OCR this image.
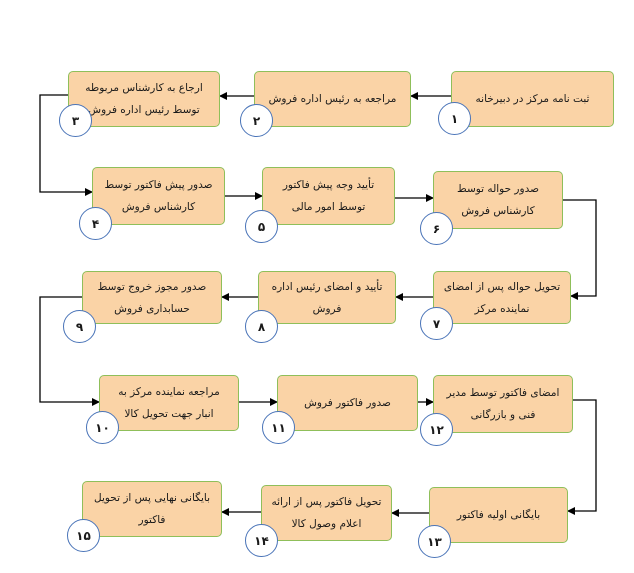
ثبت نامه مرکز در دبیرخانه
مراجعه به رئیس اداره فروش
ارجاع به کارشناس مربوطه توسط رئیس اداره فروش
صدور حواله توسط کارشناس فروش
تأیید وجه پیش فاکتور توسط امور مالی
صدور پیش فاکتور توسط کارشناس فروش
تحویل حواله پس از امضای نماینده مرکز
تأیید و امضای رئیس اداره فروش
صدور مجوز خروج توسط حسابداری فروش
امضای فاکتور توسط مدیر فنی و بازرگانی
صدور فاکتور فروش
مراجعه نماینده مرکز به انبار جهت تحویل کالا
بایگانی اولیه فاکتور
تحویل فاکتور پس از ارائه اعلام وصول کالا
بایگانی نهایی پس از تحویل فاکتور
۱
۲
۳
۴	۵	۶
۷
۸
۹
۱۰	۱۱	۱۲
۱۳
۱۴
۱۵
